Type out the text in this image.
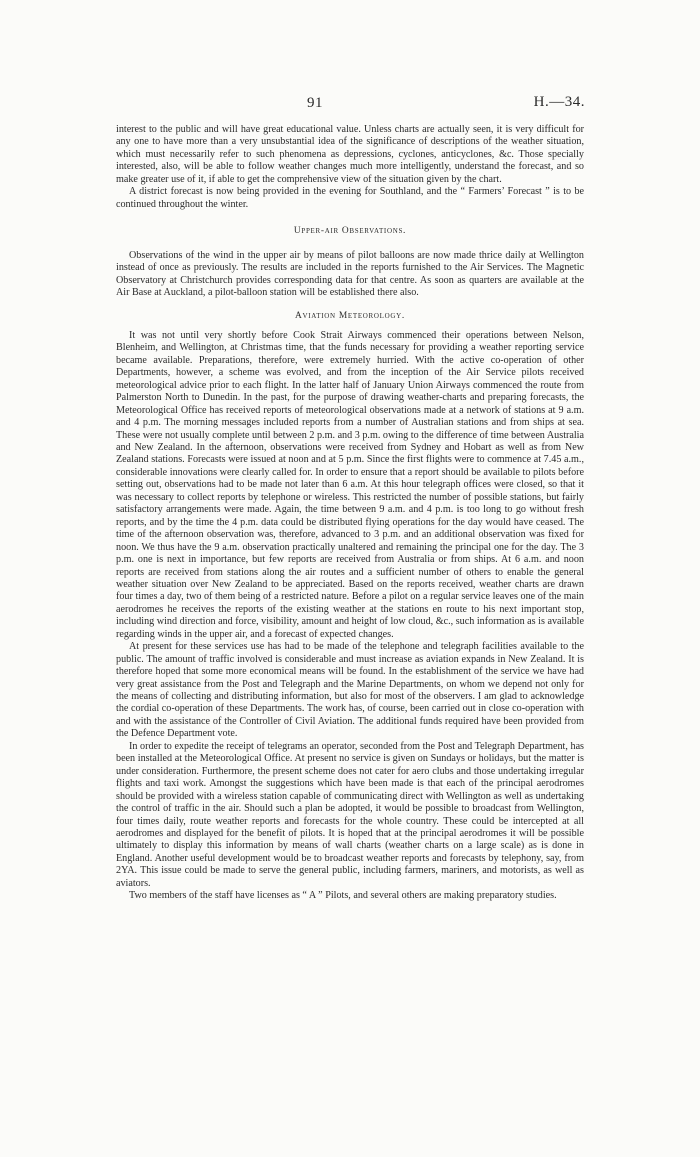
91	H.—34.

interest to the public and will have great educational value. Unless charts are actually seen, it is very difficult for any one to have more than a very unsubstantial idea of the significance of descriptions of the weather situation, which must necessarily refer to such phenomena as depressions, cyclones, anticyclones, &c. Those specially interested, also, will be able to follow weather changes much more intelligently, understand the forecast, and so make greater use of it, if able to get the comprehensive view of the situation given by the chart.

A district forecast is now being provided in the evening for Southland, and the “ Farmers’ Forecast ” is to be continued throughout the winter.

Upper-air Observations.

Observations of the wind in the upper air by means of pilot balloons are now made thrice daily at Wellington instead of once as previously. The results are included in the reports furnished to the Air Services. The Magnetic Observatory at Christchurch provides corresponding data for that centre. As soon as quarters are available at the Air Base at Auckland, a pilot-balloon station will be established there also.

Aviation Meteorology.

It was not until very shortly before Cook Strait Airways commenced their operations between Nelson, Blenheim, and Wellington, at Christmas time, that the funds necessary for providing a weather reporting service became available. Preparations, therefore, were extremely hurried. With the active co-operation of other Departments, however, a scheme was evolved, and from the inception of the Air Service pilots received meteorological advice prior to each flight. In the latter half of January Union Airways commenced the route from Palmerston North to Dunedin. In the past, for the purpose of drawing weather-charts and preparing forecasts, the Meteorological Office has received reports of meteorological observations made at a network of stations at 9 a.m. and 4 p.m. The morning messages included reports from a number of Australian stations and from ships at sea. These were not usually complete until between 2 p.m. and 3 p.m. owing to the difference of time between Australia and New Zealand. In the afternoon, observations were received from Sydney and Hobart as well as from New Zealand stations. Forecasts were issued at noon and at 5 p.m. Since the first flights were to commence at 7.45 a.m., considerable innovations were clearly called for. In order to ensure that a report should be available to pilots before setting out, observations had to be made not later than 6 a.m. At this hour telegraph offices were closed, so that it was necessary to collect reports by telephone or wireless. This restricted the number of possible stations, but fairly satisfactory arrangements were made. Again, the time between 9 a.m. and 4 p.m. is too long to go without fresh reports, and by the time the 4 p.m. data could be distributed flying operations for the day would have ceased. The time of the afternoon observation was, therefore, advanced to 3 p.m. and an additional observation was fixed for noon. We thus have the 9 a.m. observation practically unaltered and remaining the principal one for the day. The 3 p.m. one is next in importance, but few reports are received from Australia or from ships. At 6 a.m. and noon reports are received from stations along the air routes and a sufficient number of others to enable the general weather situation over New Zealand to be appreciated. Based on the reports received, weather charts are drawn four times a day, two of them being of a restricted nature. Before a pilot on a regular service leaves one of the main aerodromes he receives the reports of the existing weather at the stations en route to his next important stop, including wind direction and force, visibility, amount and height of low cloud, &c., such information as is available regarding winds in the upper air, and a forecast of expected changes.

At present for these services use has had to be made of the telephone and telegraph facilities available to the public. The amount of traffic involved is considerable and must increase as aviation expands in New Zealand. It is therefore hoped that some more economical means will be found. In the establishment of the service we have had very great assistance from the Post and Telegraph and the Marine Departments, on whom we depend not only for the means of collecting and distributing information, but also for most of the observers. I am glad to acknowledge the cordial co-operation of these Departments. The work has, of course, been carried out in close co-operation with and with the assistance of the Controller of Civil Aviation. The additional funds required have been provided from the Defence Department vote.

In order to expedite the receipt of telegrams an operator, seconded from the Post and Telegraph Department, has been installed at the Meteorological Office. At present no service is given on Sundays or holidays, but the matter is under consideration. Furthermore, the present scheme does not cater for aero clubs and those undertaking irregular flights and taxi work. Amongst the suggestions which have been made is that each of the principal aerodromes should be provided with a wireless station capable of communicating direct with Wellington as well as undertaking the control of traffic in the air. Should such a plan be adopted, it would be possible to broadcast from Wellington, four times daily, route weather reports and forecasts for the whole country. These could be intercepted at all aerodromes and displayed for the benefit of pilots. It is hoped that at the principal aerodromes it will be possible ultimately to display this information by means of wall charts (weather charts on a large scale) as is done in England. Another useful development would be to broadcast weather reports and forecasts by telephony, say, from 2YA. This issue could be made to serve the general public, including farmers, mariners, and motorists, as well as aviators.

Two members of the staff have licenses as “ A ” Pilots, and several others are making preparatory studies.
